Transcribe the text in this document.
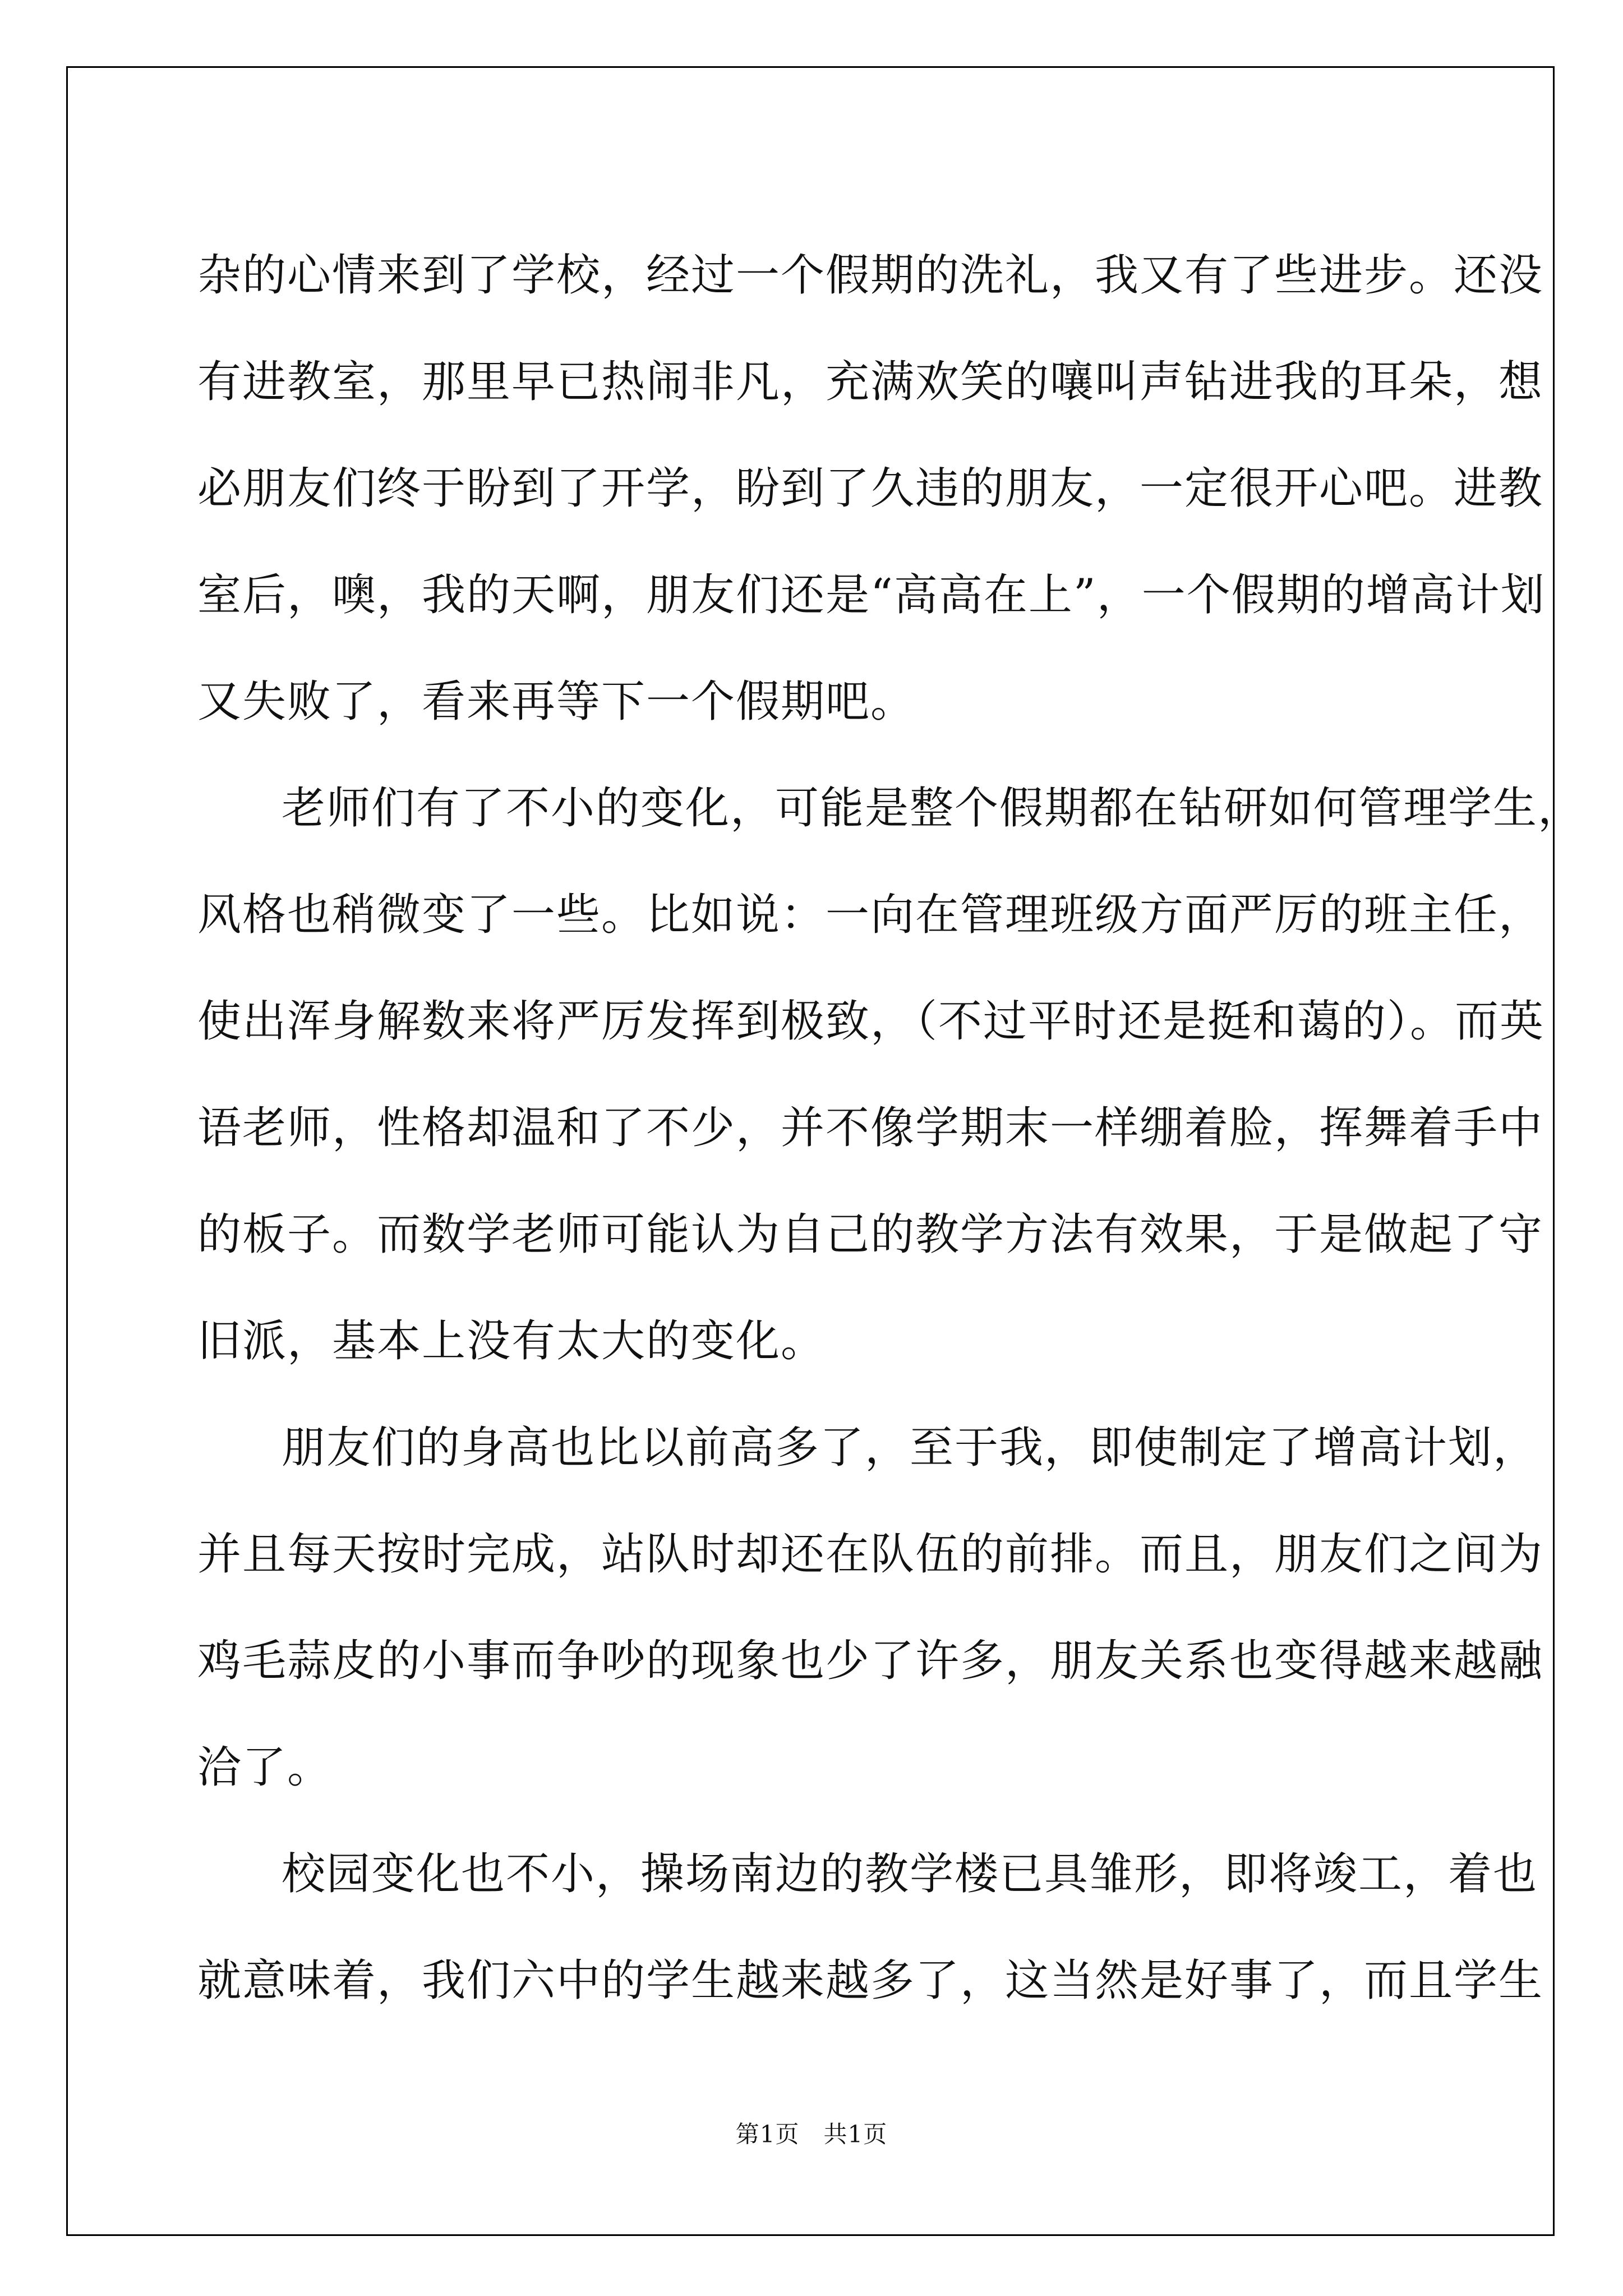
杂的心情来到了学校，经过一个假期的洗礼，我又有了些进步。还没
有进教室，那里早已热闹非凡，充满欢笑的嚷叫声钻进我的耳朵，想
必朋友们终于盼到了开学，盼到了久违的朋友，一定很开心吧。进教
室后，噢，我的天啊，朋友们还是“高高在上”，一个假期的增高计划
又失败了，看来再等下一个假期吧。
老师们有了不小的变化，可能是整个假期都在钻研如何管理学生，
风格也稍微变了一些。比如说：一向在管理班级方面严厉的班主任，
使出浑身解数来将严厉发挥到极致，（不过平时还是挺和蔼的）。而英
语老师，性格却温和了不少，并不像学期末一样绷着脸，挥舞着手中
的板子。而数学老师可能认为自己的教学方法有效果，于是做起了守
旧派，基本上没有太大的变化。
朋友们的身高也比以前高多了，至于我，即使制定了增高计划，
并且每天按时完成，站队时却还在队伍的前排。而且，朋友们之间为
鸡毛蒜皮的小事而争吵的现象也少了许多，朋友关系也变得越来越融
洽了。
校园变化也不小，操场南边的教学楼已具雏形，即将竣工，着也
就意味着，我们六中的学生越来越多了，这当然是好事了，而且学生
第1页   共1页
